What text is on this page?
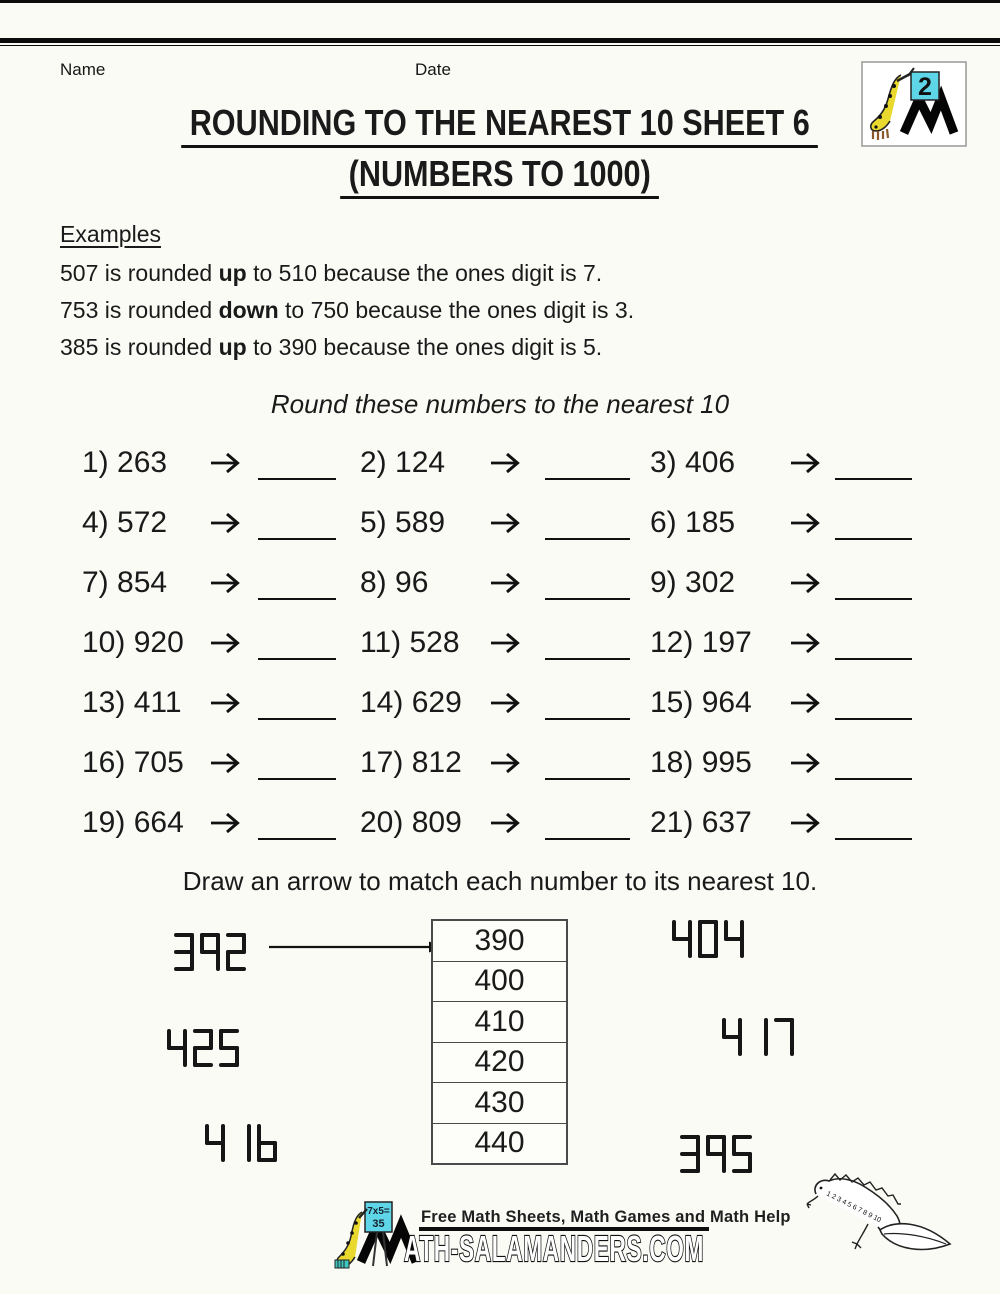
Name	Date
2
ROUNDING TO THE NEAREST 10 SHEET 6
(NUMBERS TO 1000)
Examples
507 is rounded up to 510 because the ones digit is 7.
753 is rounded down to 750 because the ones digit is 3.
385 is rounded up to 390 because the ones digit is 5.
Round these numbers to the nearest 10
1) 263	2) 124	3) 406
4) 572	5) 589	6) 185
7) 854	8) 96	9) 302
10) 920	11) 528	12) 197
13) 411	14) 629	15) 964
16) 705	17) 812	18) 995
19) 664	20) 809	21) 637
Draw an arrow to match each number to its nearest 10.
390
400
410
420
430
440
7x5=
35 Free Math Sheets, Math Games and Math Help
ATH-SALAMANDERS.COM
1 2 3 4 5 6 7 8 9 10
